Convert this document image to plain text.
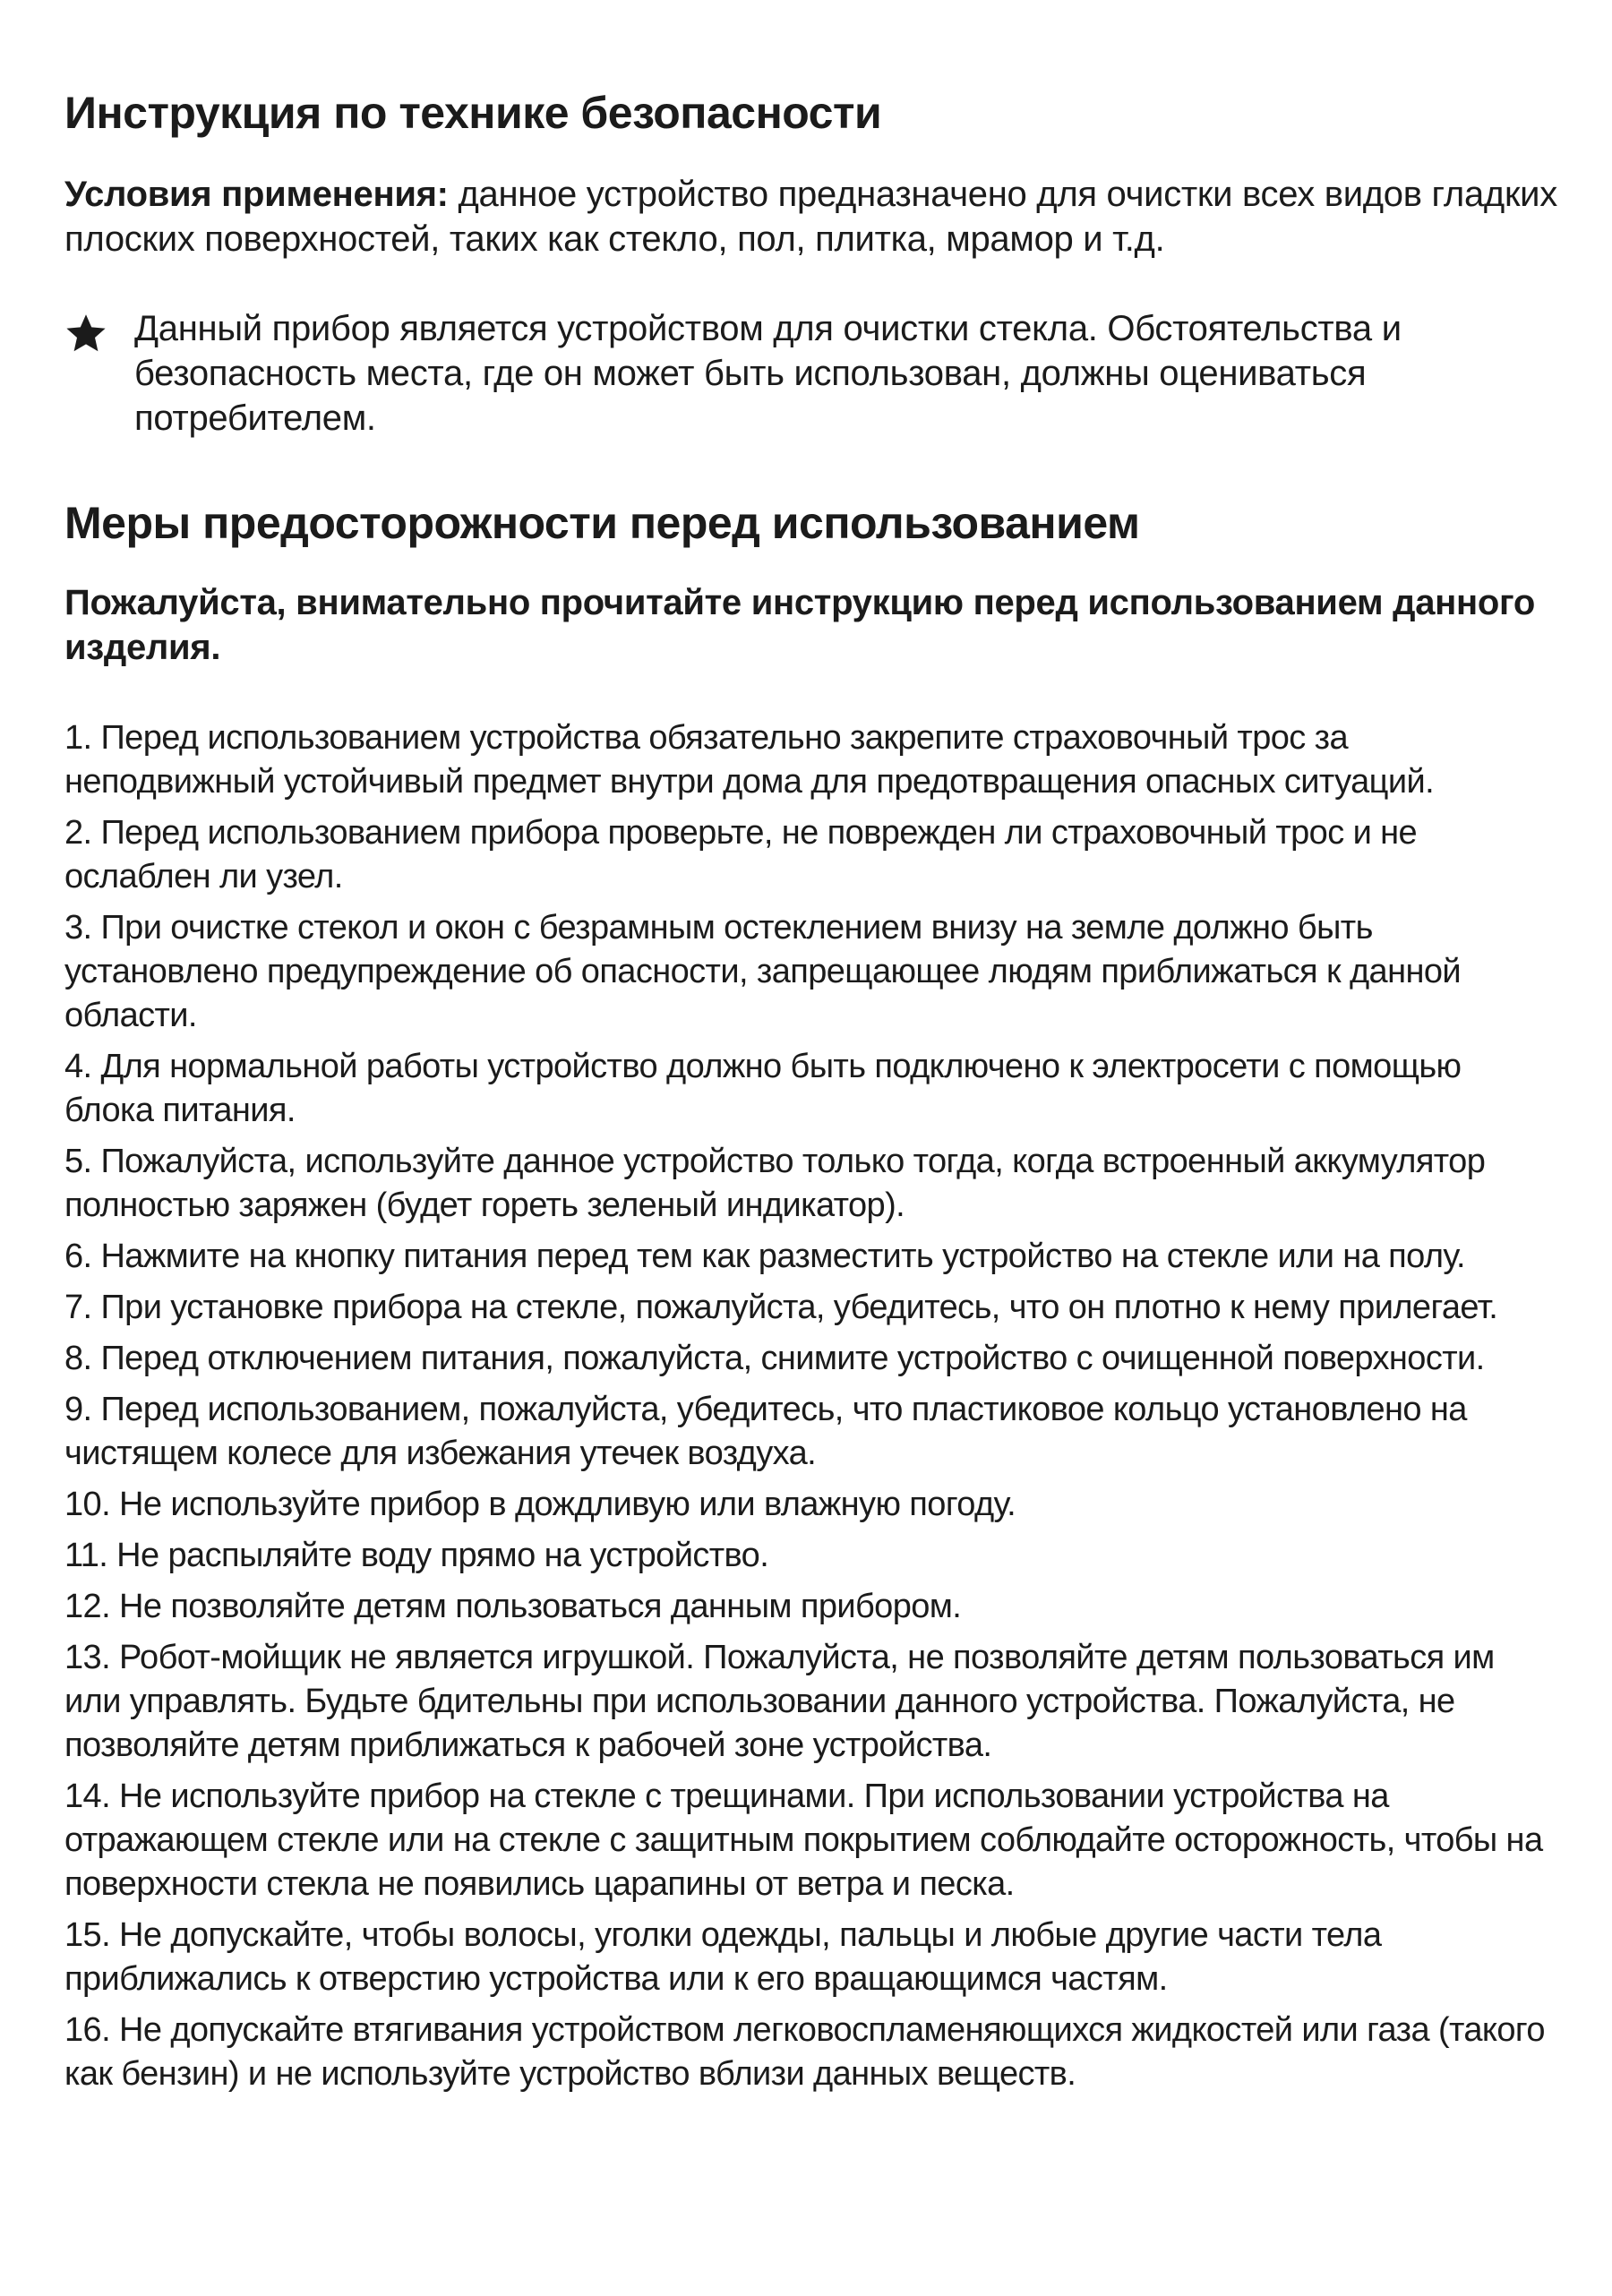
Инструкция по технике безопасности

Условия применения: данное устройство предназначено для очистки всех видов гладких плоских поверхностей, таких как стекло, пол, плитка, мрамор и т.д.

Данный прибор является устройством для очистки стекла. Обстоятельства и безопасность места, где он может быть использован, должны оцениваться потребителем.

Меры предосторожности перед использованием

Пожалуйста, внимательно прочитайте инструкцию перед использованием данного изделия.

1. Перед использованием устройства обязательно закрепите страховочный трос за неподвижный устойчивый предмет внутри дома для предотвращения опасных ситуаций.
2. Перед использованием прибора проверьте, не поврежден ли страховочный трос и не ослаблен ли узел.
3. При очистке стекол и окон с безрамным остеклением внизу на земле должно быть установлено предупреждение об опасности, запрещающее людям приближаться к данной области.
4. Для нормальной работы устройство должно быть подключено к электросети с помощью блока питания.
5. Пожалуйста, используйте данное устройство только тогда, когда встроенный аккумулятор полностью заряжен (будет гореть зеленый индикатор).
6. Нажмите на кнопку питания перед тем как разместить устройство на стекле или на полу.
7. При установке прибора на стекле, пожалуйста, убедитесь, что он плотно к нему прилегает.
8. Перед отключением питания, пожалуйста, снимите устройство с очищенной поверхности.
9. Перед использованием, пожалуйста, убедитесь, что пластиковое кольцо установлено на чистящем колесе для избежания утечек воздуха.
10. Не используйте прибор в дождливую или влажную погоду.
11. Не распыляйте воду прямо на устройство.
12. Не позволяйте детям пользоваться данным прибором.
13. Робот-мойщик не является игрушкой. Пожалуйста, не позволяйте детям пользоваться им или управлять. Будьте бдительны при использовании данного устройства. Пожалуйста, не позволяйте детям приближаться к рабочей зоне устройства.
14. Не используйте прибор на стекле с трещинами. При использовании устройства на отражающем стекле или на стекле с защитным покрытием соблюдайте осторожность, чтобы на поверхности стекла не появились царапины от ветра и песка.
15. Не допускайте, чтобы волосы, уголки одежды, пальцы и любые другие части тела приближались к отверстию устройства или к его вращающимся частям.
16. Не допускайте втягивания устройством легковоспламеняющихся жидкостей или газа (такого как бензин) и не используйте устройство вблизи данных веществ.
